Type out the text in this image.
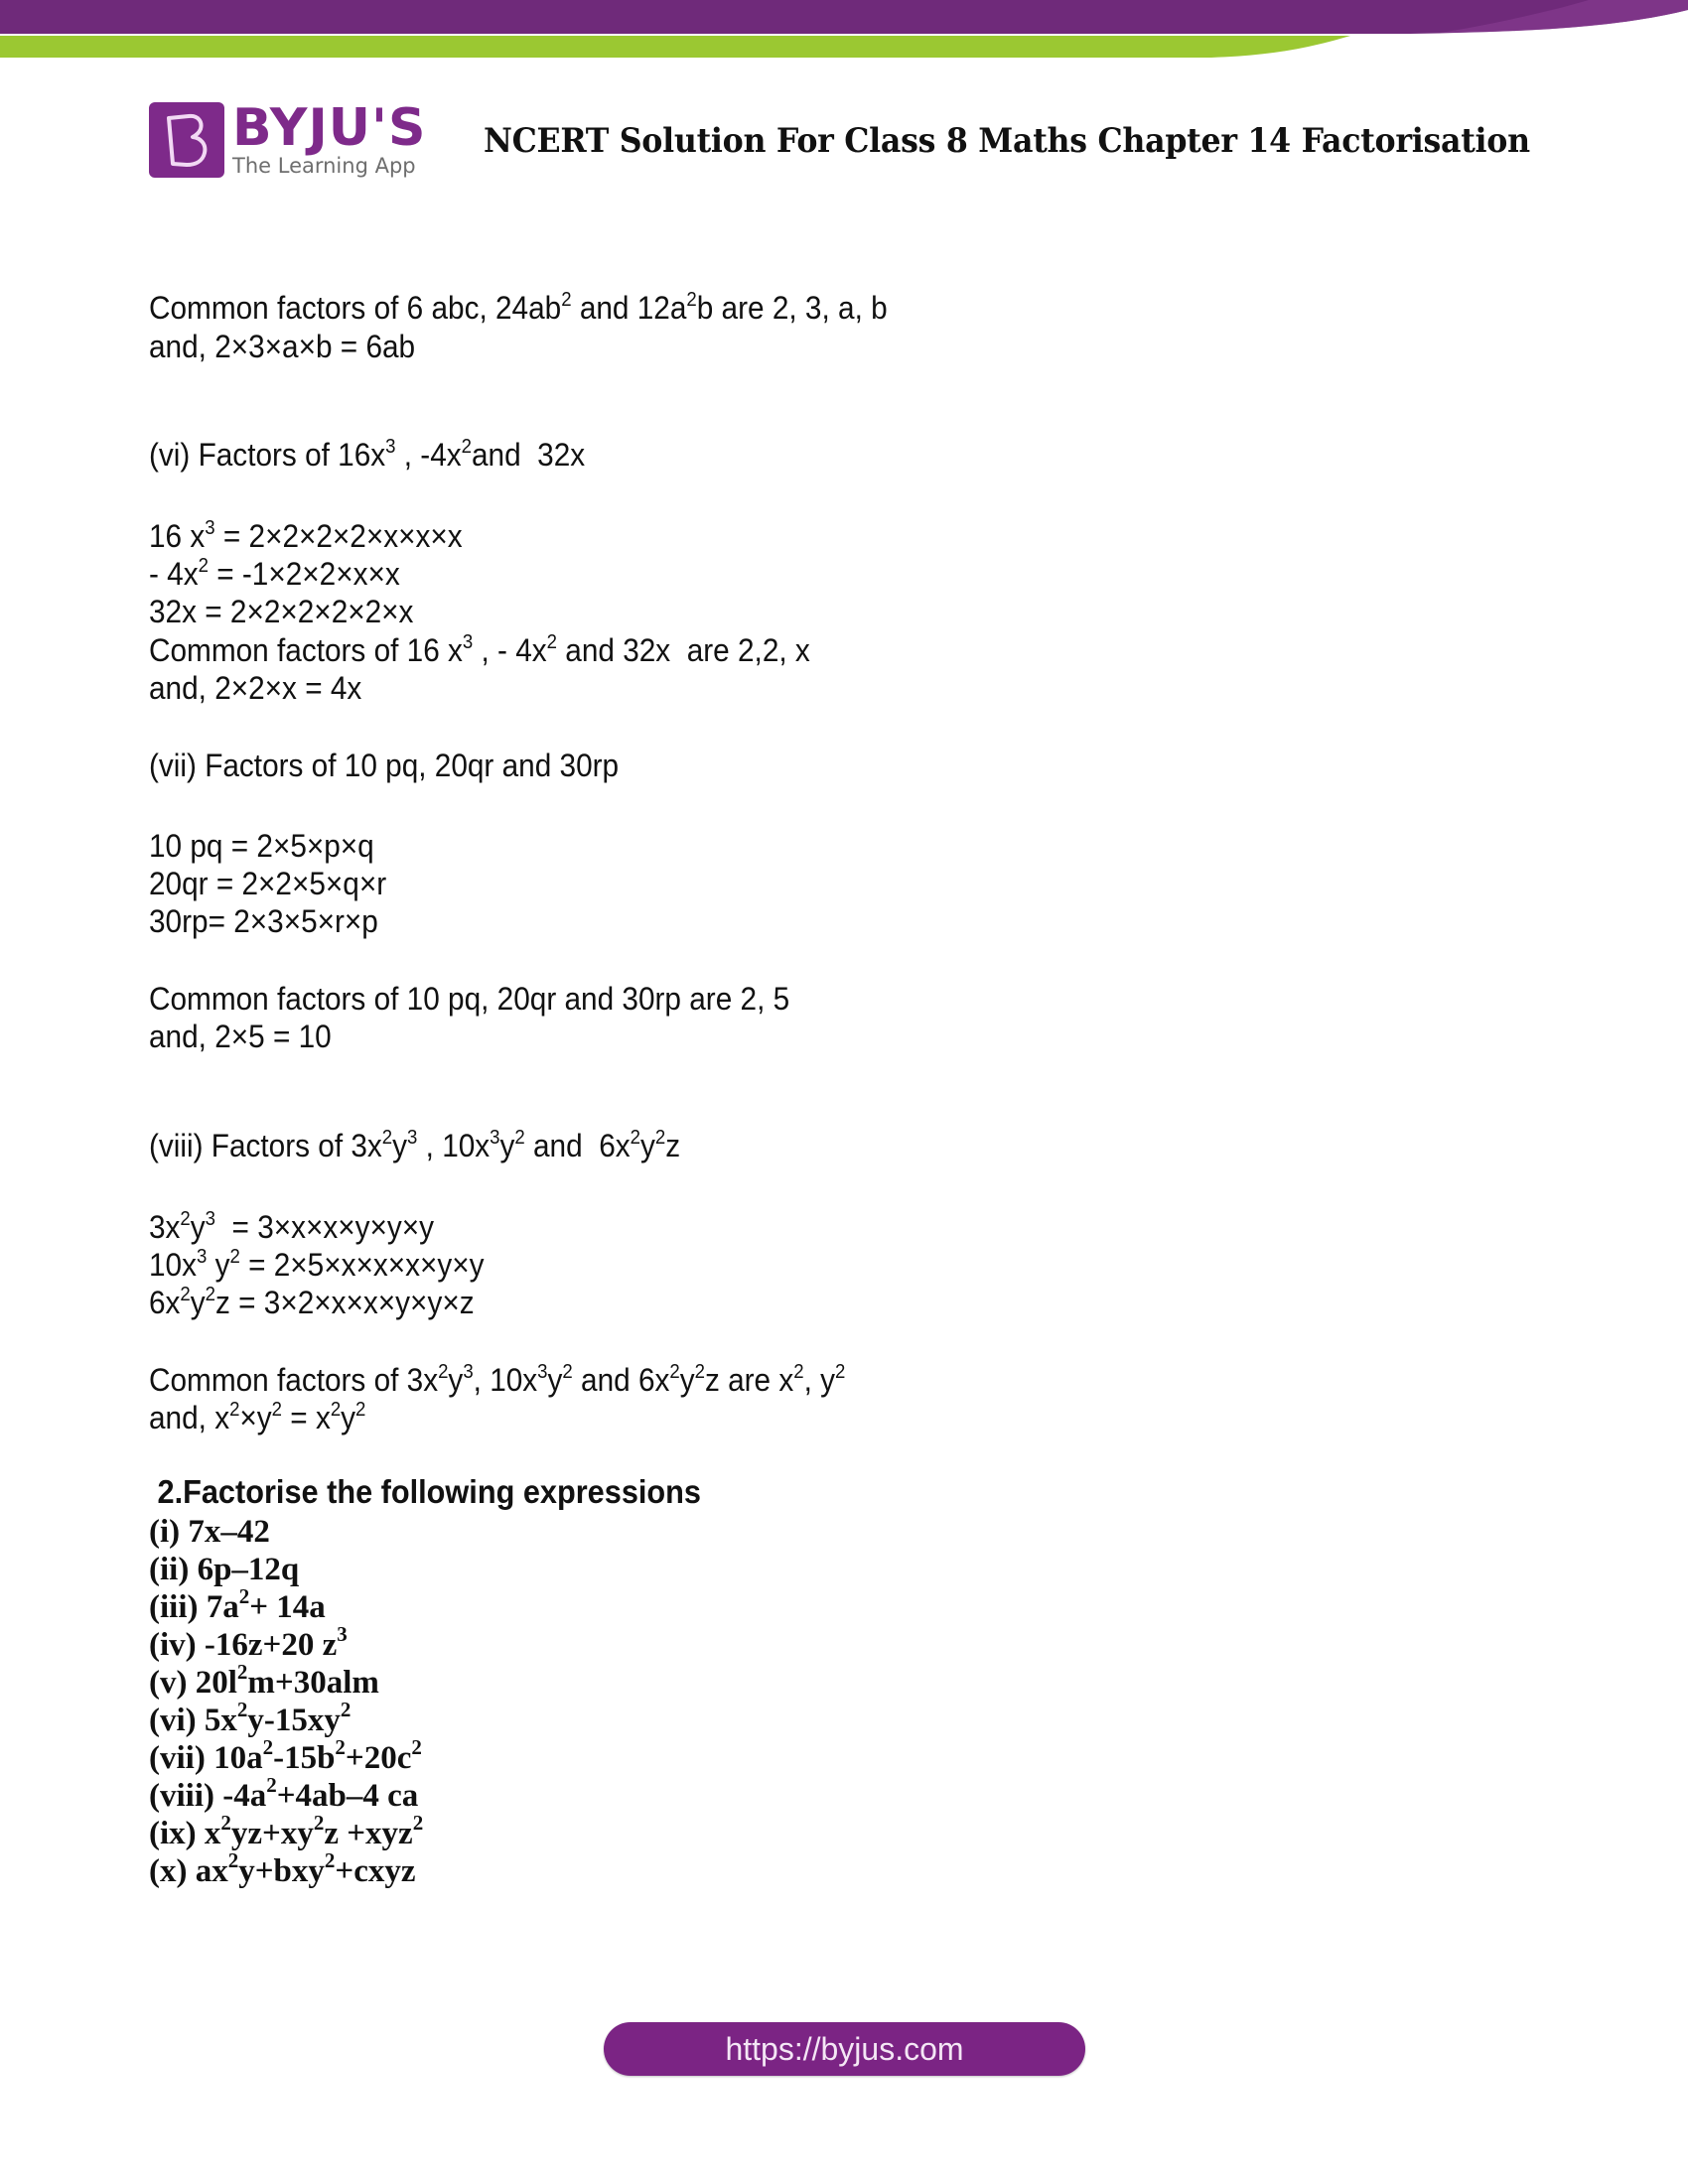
BYJU'S
The Learning App
NCERT Solution For Class 8 Maths Chapter 14 Factorisation
Common factors of 6 abc, $24ab^2$ and $12a^2b$ are 2, 3, a, b
and, 2×3×a×b = 6ab
(vi) Factors of $16x^3$ , $-4x^2and$  32x
16 $x^3 = 2\times 2\times 2\times 2\times x\times x\times x$
- $4x^2 = -1\times 2\times 2\times x\times x$
32x = 2×2×2×2×2×x
Common factors of 16 $x^3$ , - $4x^2$ and 32x  are 2,2, x
and, 2×2×x = 4x
(vii) Factors of 10 pq, 20qr and 30rp
10 pq = 2×5×p×q
20qr = 2×2×5×q×r
30rp= 2×3×5×r×p
Common factors of 10 pq, 20qr and 30rp are 2, 5
and, 2×5 = 10
(viii) Factors of $3x^2y^3$ , $10x^3y^2$ and  $6x^2y^2z$
$3x^2y^3 = 3\times x\times x\times y\times y\times y$
$10x^3$ $y^2 = 2\times 5\times x\times x\times x\times y\times y$
$6x^2y^2z = 3\times 2\times x\times x\times y\times y\times z$
Common factors of $3x^2y^3$, $10x^3y^2$ and $6x^2y^2z$ are $x^2$, $y^2$
and, $x^2\times y^2 = x^2y^2$
2.Factorise the following expressions
(i) 7x–42
(ii) 6p–12q
(iii) $7a^2+ 14a$
(iv) -16z+20 $z^3$
(v) $20l^2m+30alm$
(vi) $5x^2y-15xy^2$
(vii) $10a^2-15b^2+20c^2$
(viii) $-4a^2+4ab-4$ ca
(ix) $x^2yz+xy^2z +xyz^2$
(x) $ax^2y+bxy^2+cxyz$
https://byjus.com
